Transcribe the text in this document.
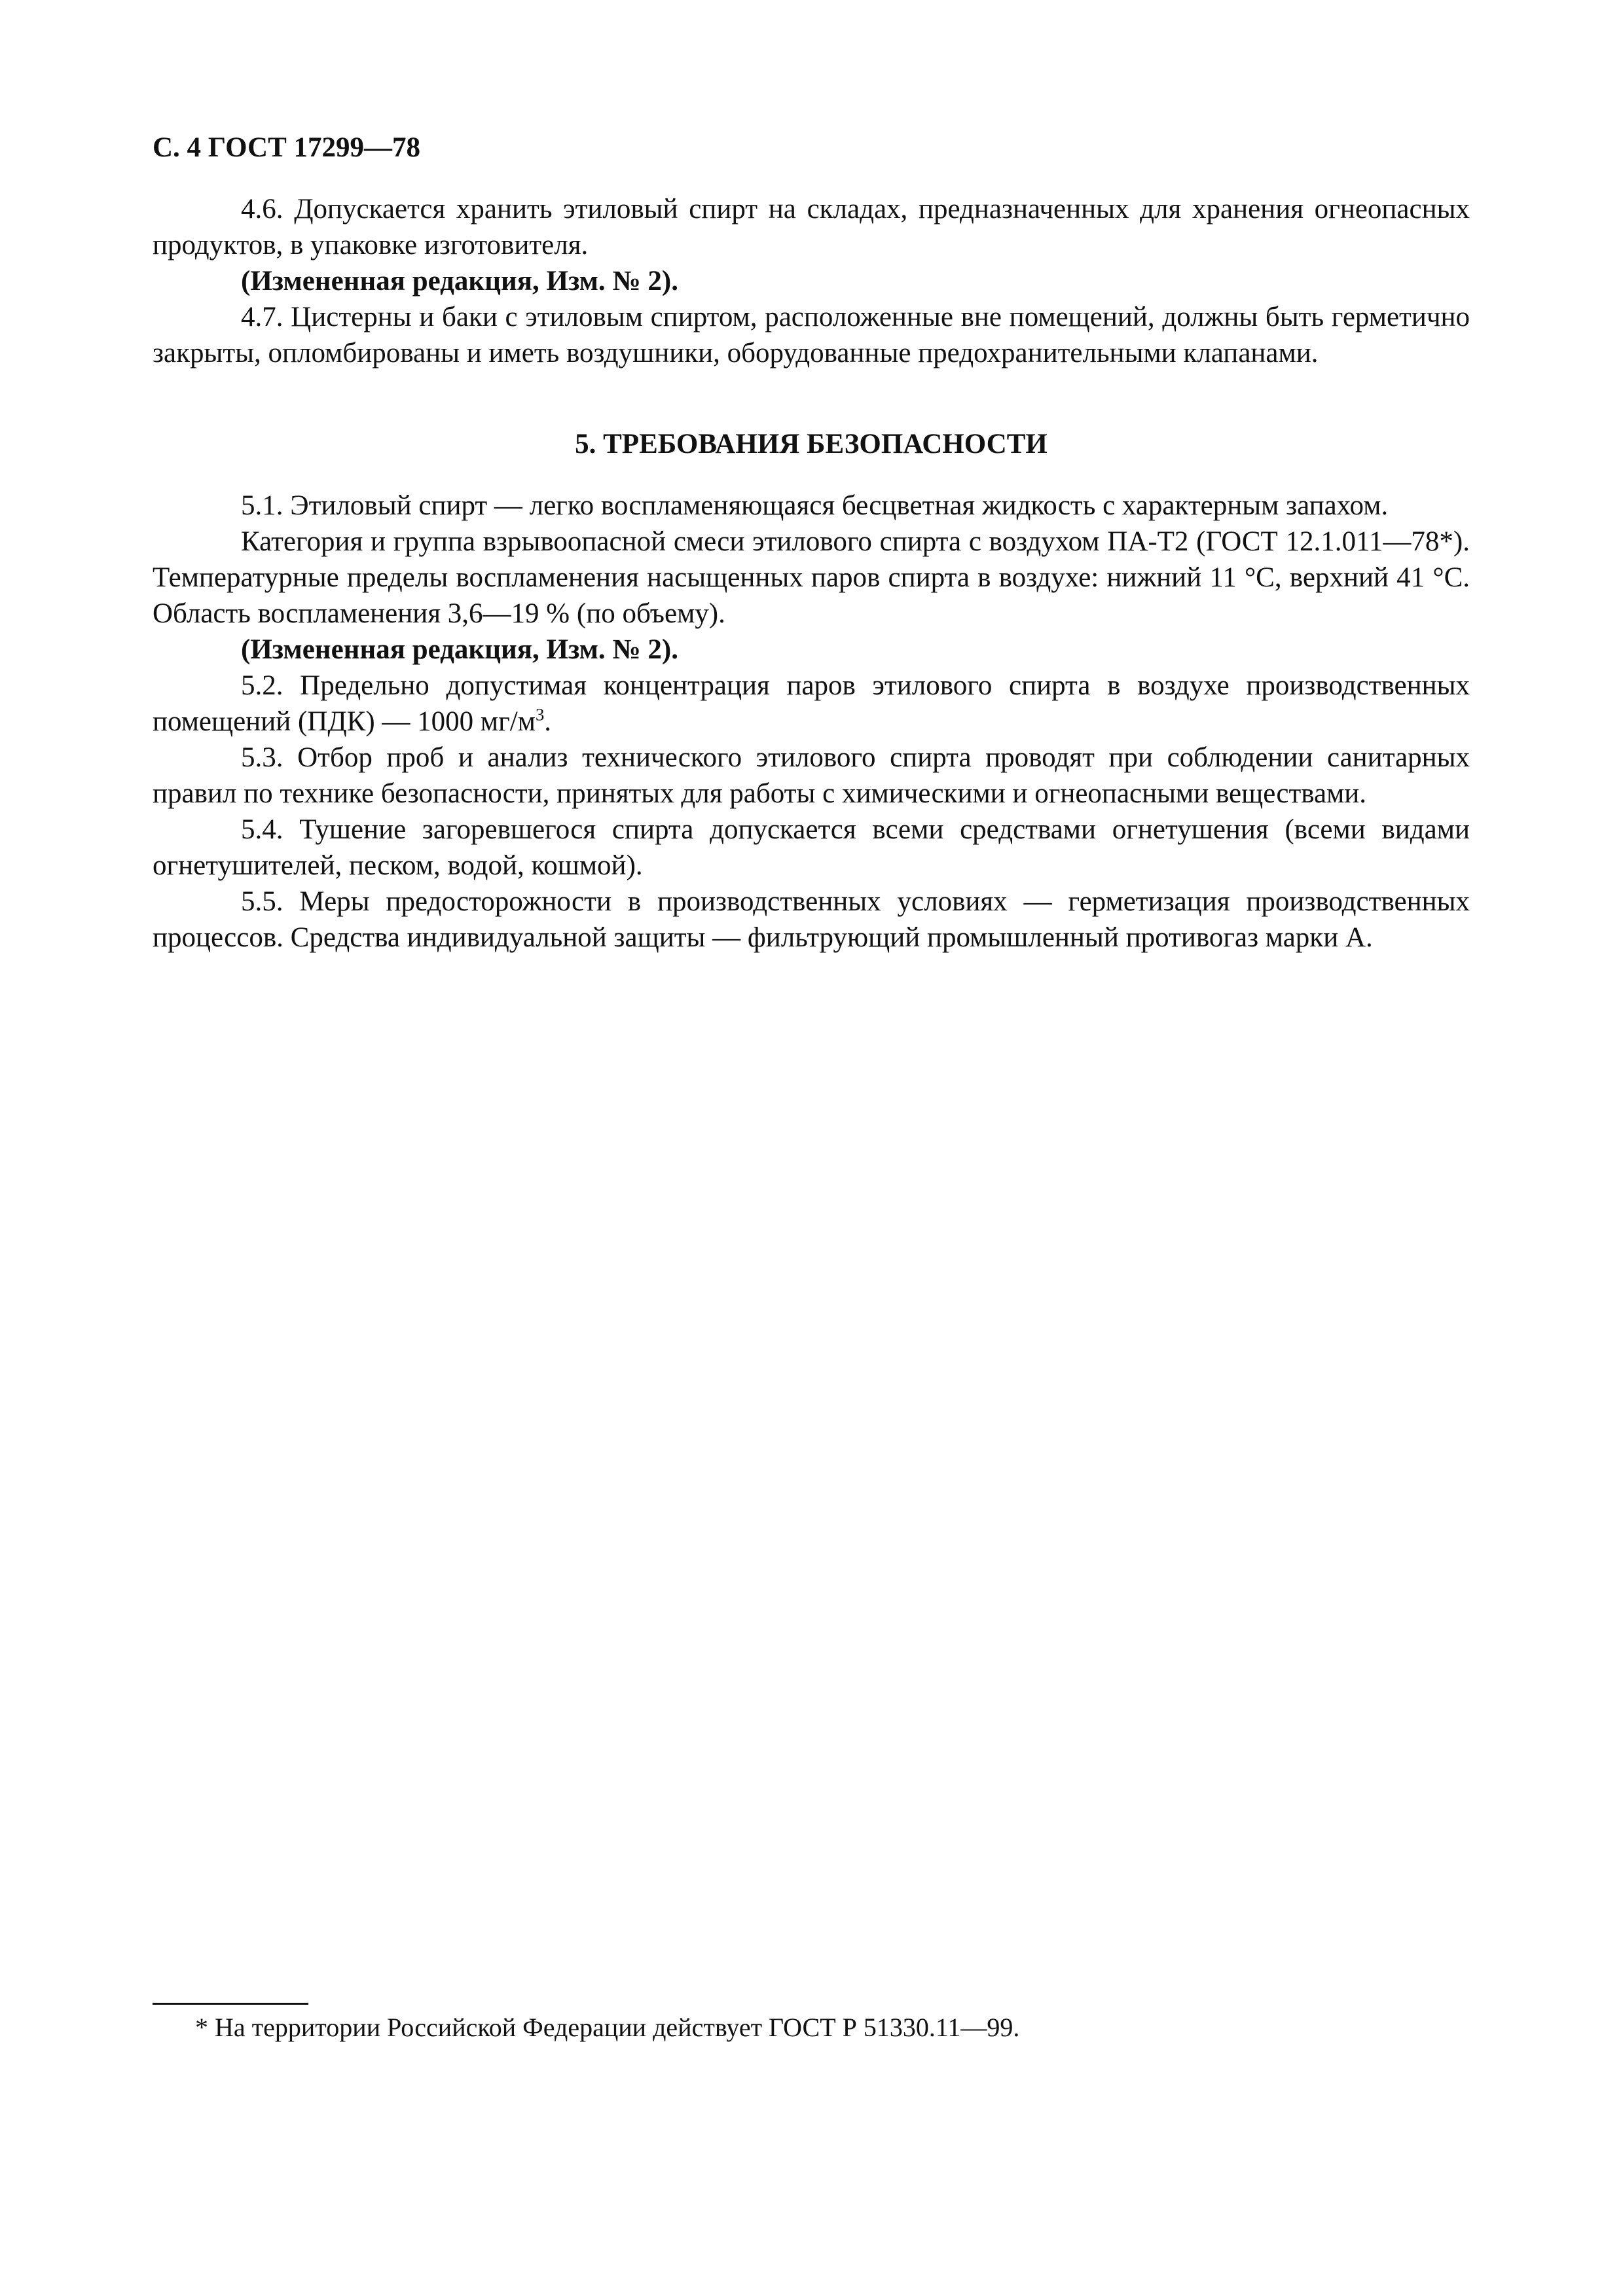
С. 4 ГОСТ 17299—78

4.6. Допускается хранить этиловый спирт на складах, предназначенных для хранения огнеопасных продуктов, в упаковке изготовителя.

(Измененная редакция, Изм. № 2).

4.7. Цистерны и баки с этиловым спиртом, расположенные вне помещений, должны быть герметично закрыты, опломбированы и иметь воздушники, оборудованные предохранительными клапанами.

5. ТРЕБОВАНИЯ БЕЗОПАСНОСТИ

5.1. Этиловый спирт — легко воспламеняющаяся бесцветная жидкость с характерным запахом.

Категория и группа взрывоопасной смеси этилового спирта с воздухом ПА-Т2 (ГОСТ 12.1.011—78*). Температурные пределы воспламенения насыщенных паров спирта в воздухе: нижний 11 °С, верхний 41 °С. Область воспламенения 3,6—19 % (по объему).

(Измененная редакция, Изм. № 2).

5.2. Предельно допустимая концентрация паров этилового спирта в воздухе производственных помещений (ПДК) — 1000 $мг/м^3$.

5.3. Отбор проб и анализ технического этилового спирта проводят при соблюдении санитарных правил по технике безопасности, принятых для работы с химическими и огнеопасными веществами.

5.4. Тушение загоревшегося спирта допускается всеми средствами огнетушения (всеми видами огнетушителей, песком, водой, кошмой).

5.5. Меры предосторожности в производственных условиях — герметизация производственных процессов. Средства индивидуальной защиты — фильтрующий промышленный противогаз марки А.

* На территории Российской Федерации действует ГОСТ Р 51330.11—99.
